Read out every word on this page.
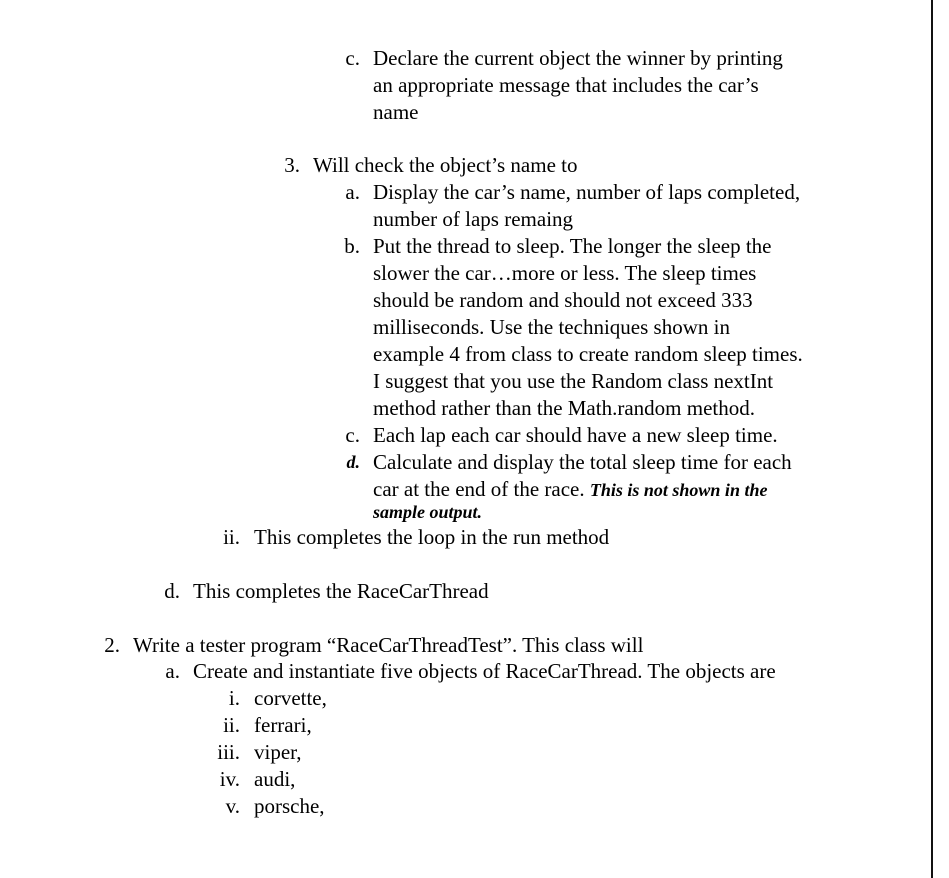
c. Declare the current object the winner by printing
an appropriate message that includes the car’s
name
3. Will check the object’s name to
a. Display the car’s name, number of laps completed,
number of laps remaing
b. Put the thread to sleep. The longer the sleep the
slower the car…more or less. The sleep times
should be random and should not exceed 333
milliseconds. Use the techniques shown in
example 4 from class to create random sleep times.
I suggest that you use the Random class nextInt
method rather than the Math.random method.
c. Each lap each car should have a new sleep time.
d. Calculate and display the total sleep time for each
car at the end of the race. This is not shown in the
sample output.
ii. This completes the loop in the run method
d. This completes the RaceCarThread
2. Write a tester program “RaceCarThreadTest”. This class will
a. Create and instantiate five objects of RaceCarThread. The objects are
i. corvette,
ii. ferrari,
iii. viper,
iv. audi,
v. porsche,
